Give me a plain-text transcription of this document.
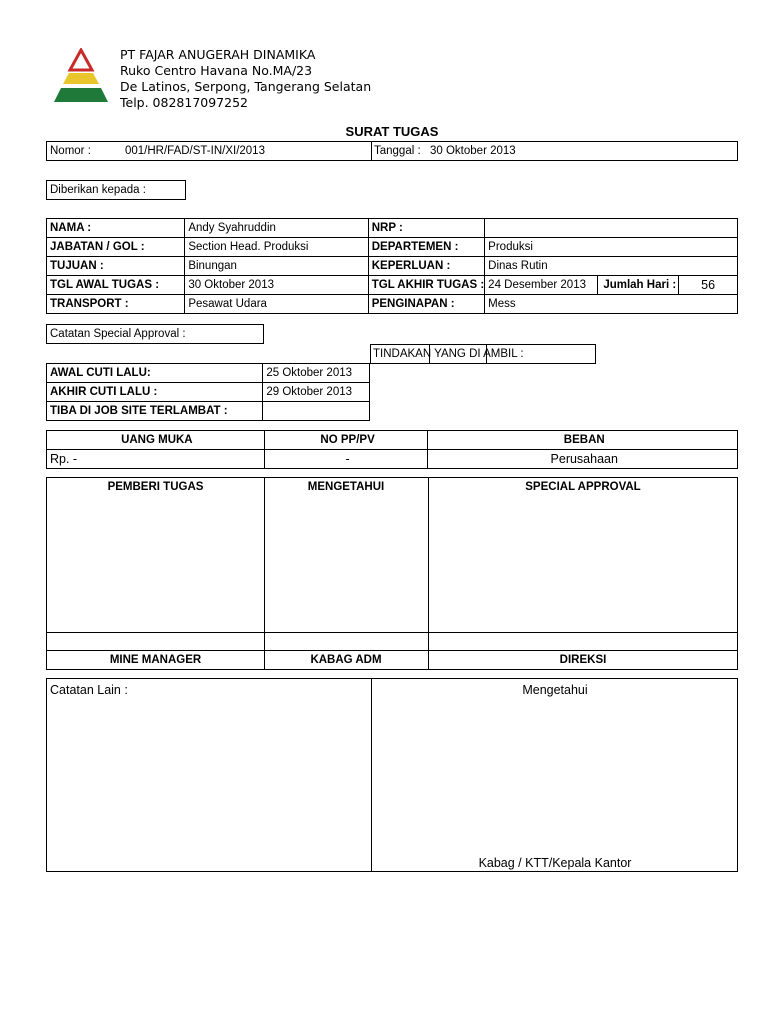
PT FAJAR ANUGERAH DINAMIKA
Ruko Centro Havana No.MA/23
De Latinos, Serpong, Tangerang Selatan
Telp. 082817097252
SURAT TUGAS
Nomor :	001/HR/FAD/ST-IN/XI/2013	Tanggal : 30 Oktober 2013
Diberikan kepada :
NAMA :	Andy Syahruddin	NRP :	
JABATAN / GOL :	Section Head. Produksi	DEPARTEMEN :	Produksi
TUJUAN :	Binungan	KEPERLUAN :	Dinas Rutin
TGL AWAL TUGAS :	30 Oktober 2013	TGL AKHIR TUGAS :	24 Desember 2013 Jumlah Hari : 56

TRANSPORT :	Pesawat Udara	PENGINAPAN :	Mess
Catatan Special Approval :
TINDAKAN YANG DI AMBIL :
AWAL CUTI LALU:	25 Oktober 2013
AKHIR CUTI LALU :	29 Oktober 2013
TIBA DI JOB SITE TERLAMBAT :	
UANG MUKA	NO PP/PV	BEBAN
Rp. -	-	Perusahaan
PEMBERI TUGAS	MENGETAHUI	SPECIAL APPROVAL
MINE MANAGER	KABAG ADM	DIREKSI
Catatan Lain :	Mengetahui
Kabag / KTT/Kepala Kantor
